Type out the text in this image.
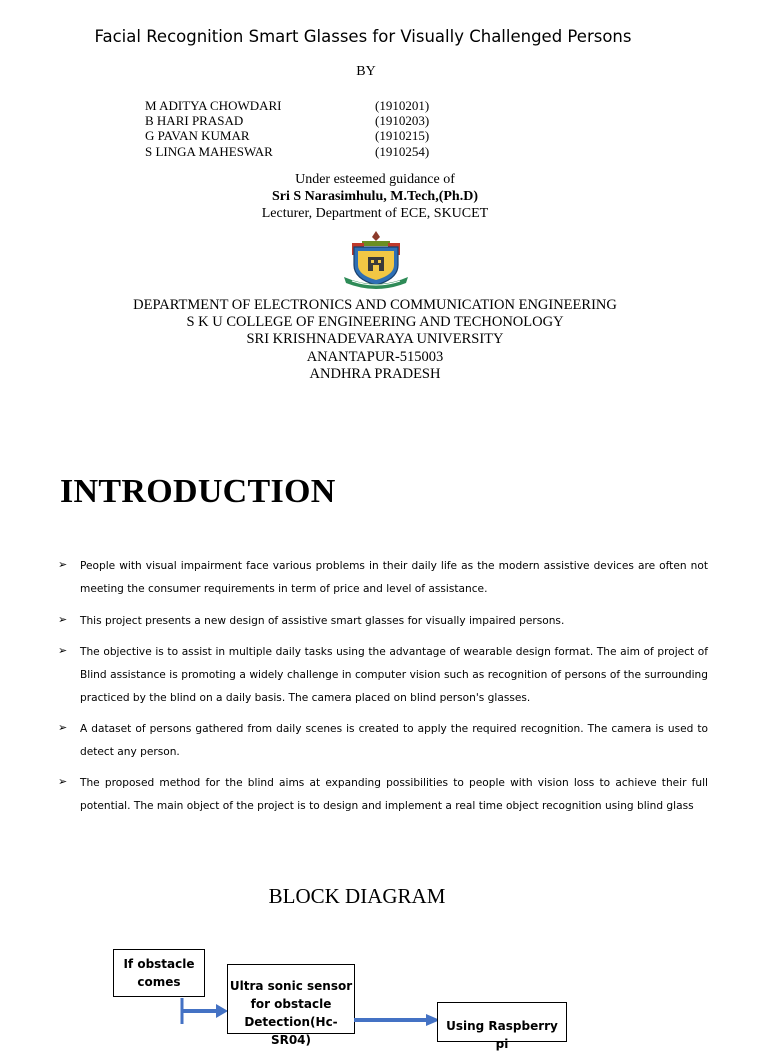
Facial Recognition Smart Glasses for Visually Challenged Persons
BY
M ADITYA CHOWDARI	(1910201)
B HARI PRASAD	(1910203)
G PAVAN KUMAR	(1910215)
S LINGA MAHESWAR	(1910254)
Under esteemed guidance of
Sri S Narasimhulu, M.Tech,(Ph.D)
Lecturer, Department of ECE, SKUCET
DEPARTMENT OF ELECTRONICS AND COMMUNICATION ENGINEERING
S K U COLLEGE OF ENGINEERING AND TECHONOLOGY
SRI KRISHNADEVARAYA UNIVERSITY
ANANTAPUR-515003
ANDHRA PRADESH
INTRODUCTION
➢ People with visual impairment face various problems in their daily life as the modern assistive devices are often not meeting the consumer requirements in term of price and level of assistance.
➢ This project presents a new design of assistive smart glasses for visually impaired persons.
➢ The objective is to assist in multiple daily tasks using the advantage of wearable design format. The aim of project of Blind assistance is promoting a widely challenge in computer vision such as recognition of persons of the surrounding practiced by the blind on a daily basis. The camera placed on blind person's glasses.
➢ A dataset of persons gathered from daily scenes is created to apply the required recognition. The camera is used to detect any person.
➢ The proposed method for the blind aims at expanding possibilities to people with vision loss to achieve their full potential. The main object of the project is to design and implement a real time object recognition using blind glass
BLOCK DIAGRAM
If obstacle comes	Ultra sonic sensor for obstacle Detection(Hc-SR04)
Using Raspberry pi
